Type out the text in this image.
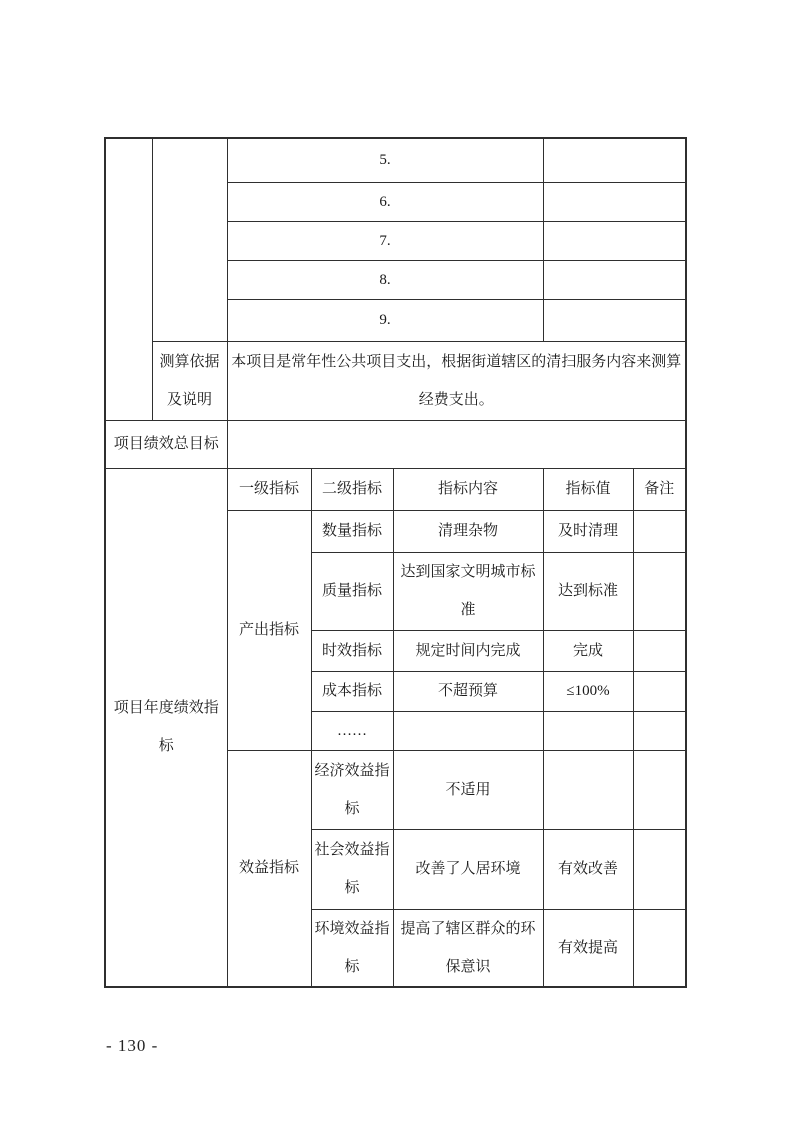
		5.				
		6.				
		7.				
		8.				
		9.				
	测算依据及说明	本项目是常年性公共项目支出，根据街道辖区的清扫服务内容来测算经费支出。				
项目绩效总目标						
项目年度绩效指标		一级指标	二级指标	指标内容	指标值	备注
		产出指标	数量指标	清理杂物	及时清理	
			质量指标	达到国家文明城市标准	达到标准	
			时效指标	规定时间内完成	完成	
			成本指标	不超预算	≤100%	
			……			
		效益指标	经济效益指标	不适用		
			社会效益指标	改善了人居环境	有效改善	
			环境效益指标	提高了辖区群众的环保意识	有效提高	
- 130 -
